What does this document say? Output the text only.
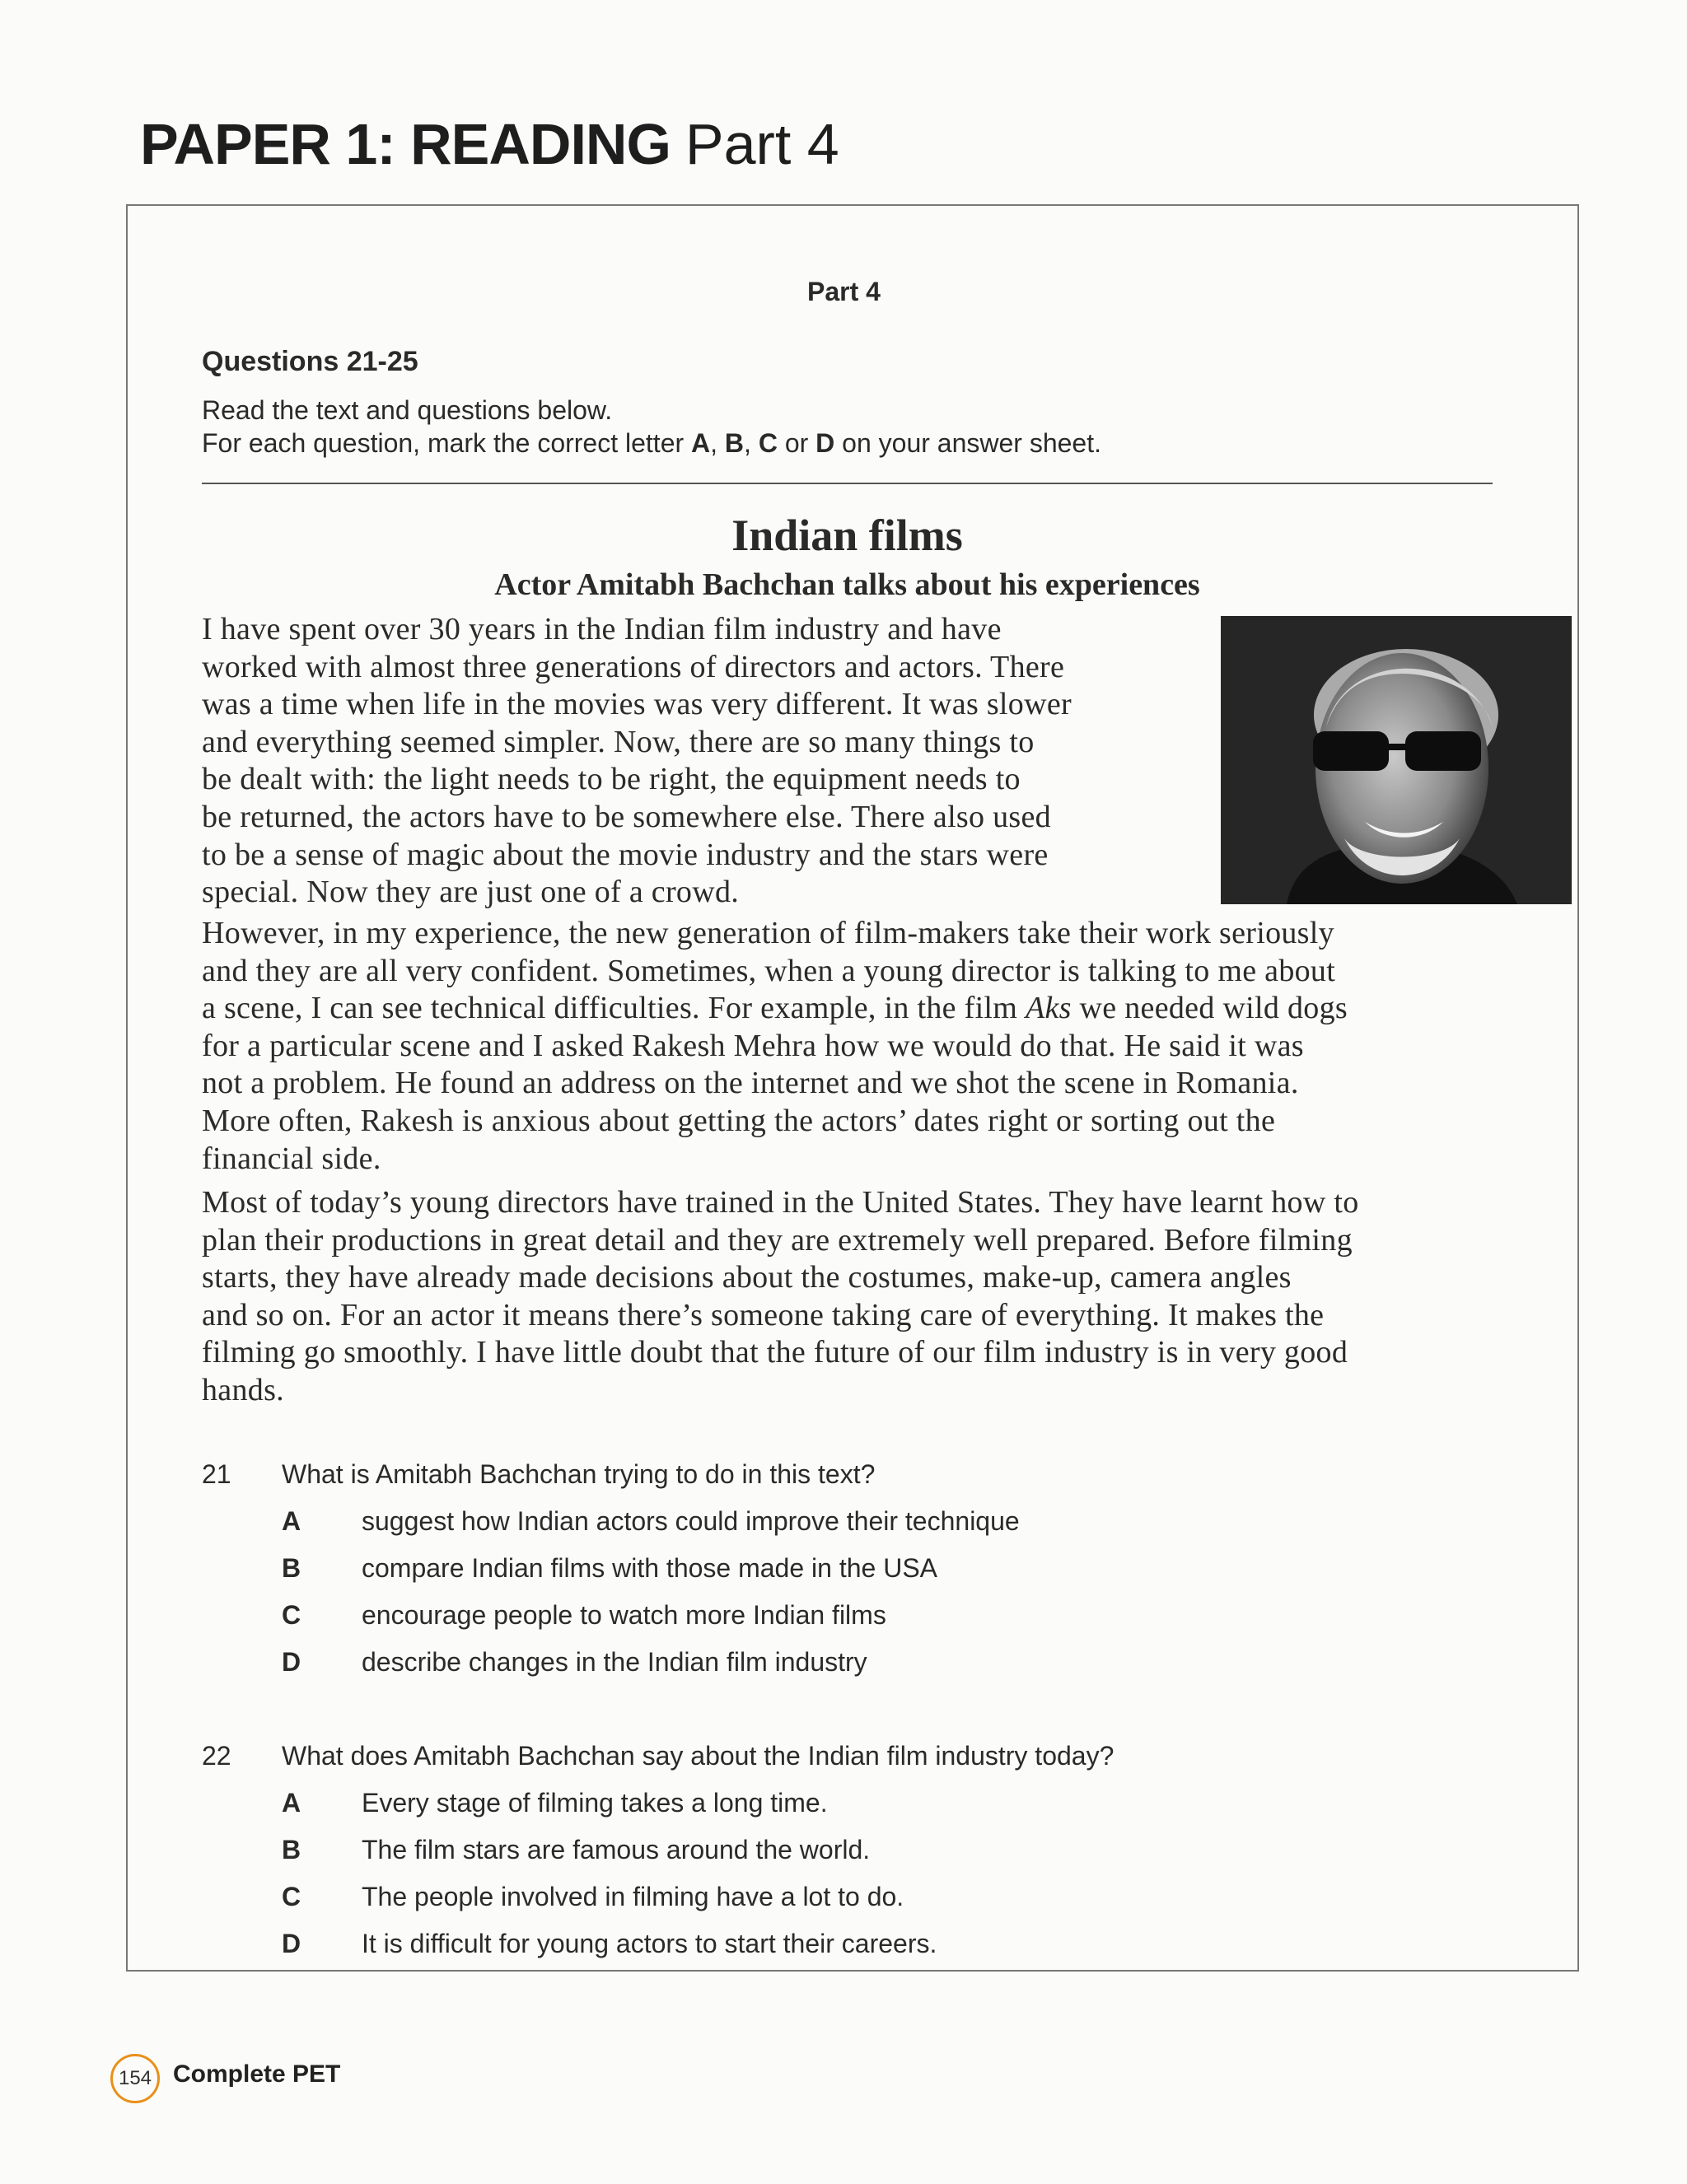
PAPER 1: READING Part 4
Part 4
Questions 21-25
Read the text and questions below.
For each question, mark the correct letter A, B, C or D on your answer sheet.
Indian films
Actor Amitabh Bachchan talks about his experiences
I have spent over 30 years in the Indian film industry and have
worked with almost three generations of directors and actors. There
was a time when life in the movies was very different. It was slower
and everything seemed simpler. Now, there are so many things to
be dealt with: the light needs to be right, the equipment needs to
be returned, the actors have to be somewhere else. There also used
to be a sense of magic about the movie industry and the stars were
special. Now they are just one of a crowd.
However, in my experience, the new generation of film-makers take their work seriously
and they are all very confident. Sometimes, when a young director is talking to me about
a scene, I can see technical difficulties. For example, in the film Aks we needed wild dogs
for a particular scene and I asked Rakesh Mehra how we would do that. He said it was
not a problem. He found an address on the internet and we shot the scene in Romania.
More often, Rakesh is anxious about getting the actors’ dates right or sorting out the
financial side.
Most of today’s young directors have trained in the United States. They have learnt how to
plan their productions in great detail and they are extremely well prepared. Before filming
starts, they have already made decisions about the costumes, make-up, camera angles
and so on. For an actor it means there’s someone taking care of everything. It makes the
filming go smoothly. I have little doubt that the future of our film industry is in very good
hands.
21 What is Amitabh Bachchan trying to do in this text?
A suggest how Indian actors could improve their technique
B compare Indian films with those made in the USA
C encourage people to watch more Indian films
D describe changes in the Indian film industry
22 What does Amitabh Bachchan say about the Indian film industry today?
A Every stage of filming takes a long time.
B The film stars are famous around the world.
C The people involved in filming have a lot to do.
D It is difficult for young actors to start their careers.
154 Complete PET
